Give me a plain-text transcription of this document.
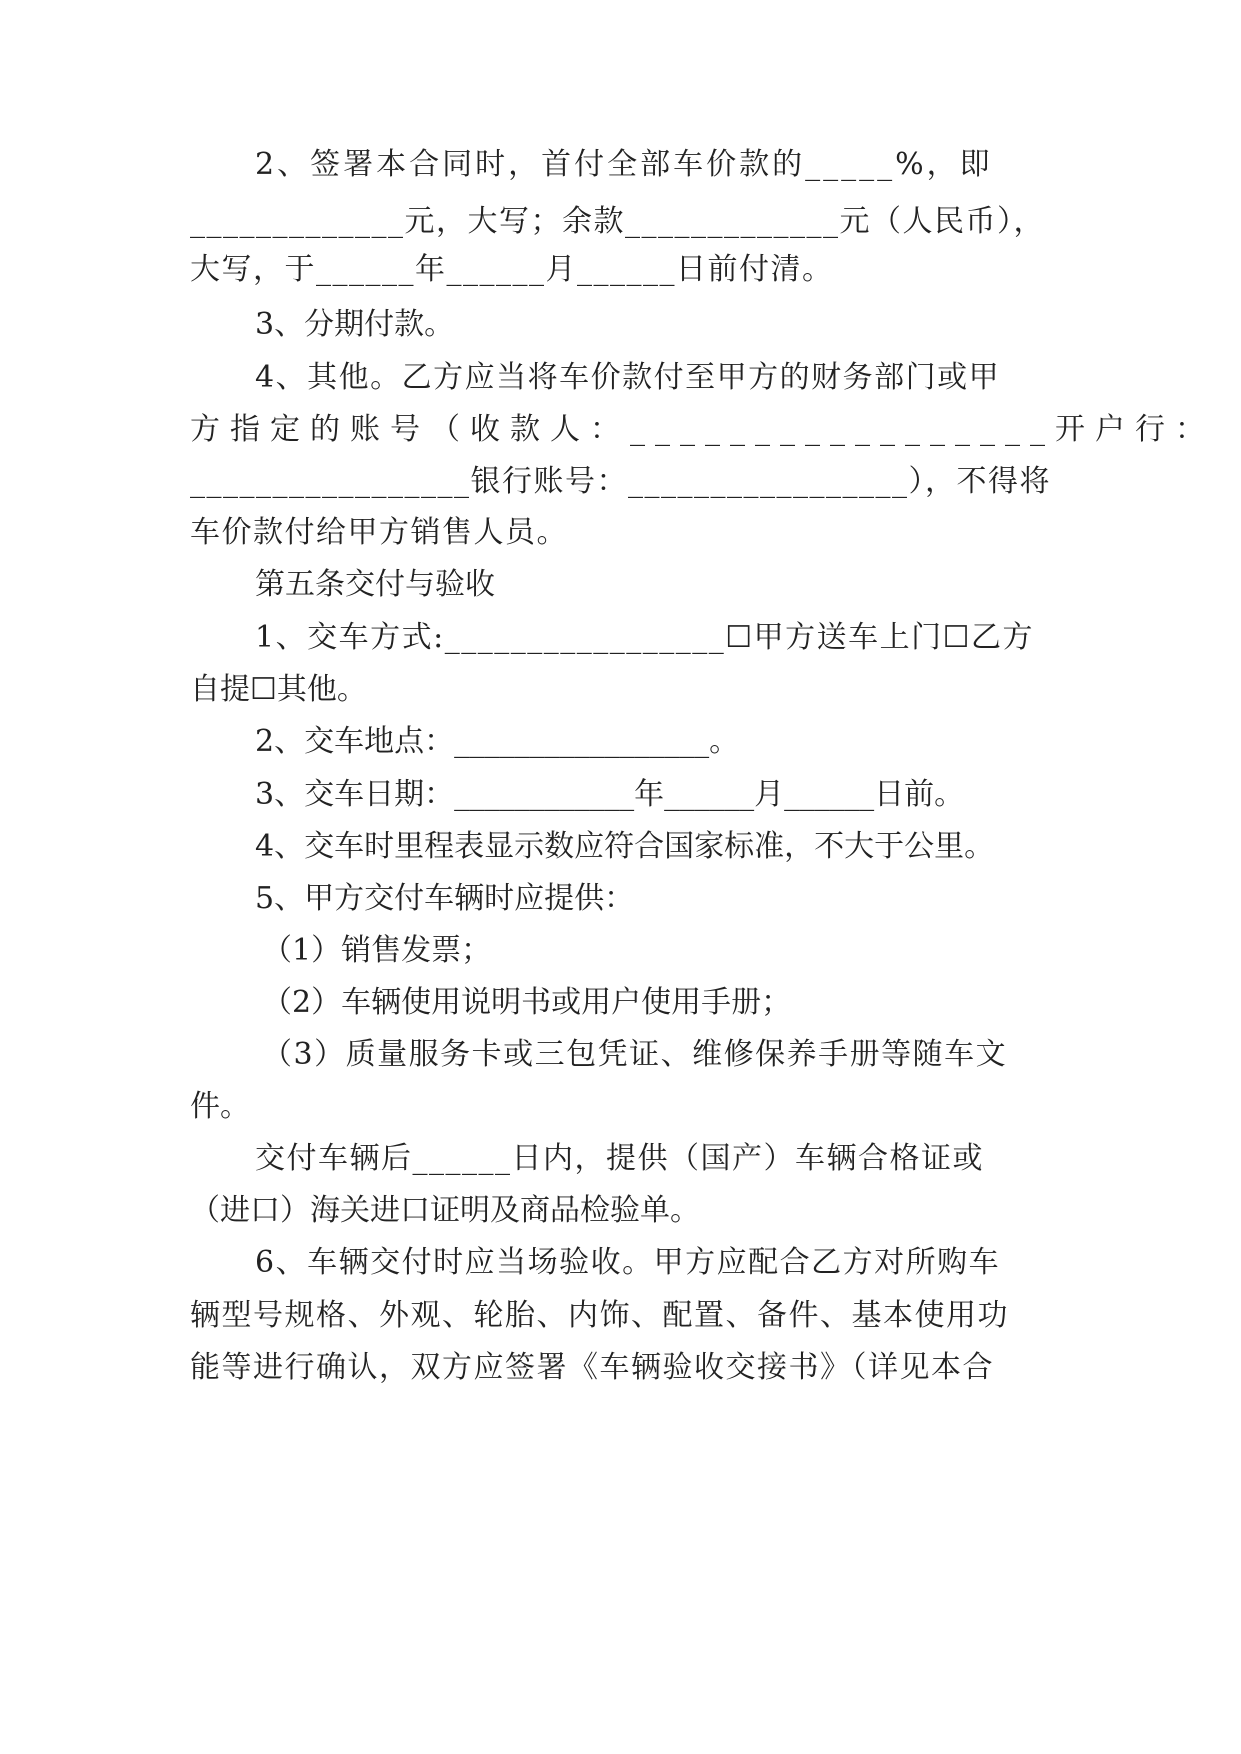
2、签署本合同时，首付全部车价款的_____%，即
_____________元，大写；余款_____________元（人民币），
大写，于______年______月______日前付清。
3、分期付款。
4、其他。乙方应当将车价款付至甲方的财务部门或甲
方指定的账号（收款人：_________________开户行：
_________________银行账号：_________________），不得将
车价款付给甲方销售人员。
第五条交付与验收
1、交车方式:_________________☐甲方送车上门☐乙方
自提☐其他。
2、交车地点：_________________。
3、交车日期：____________年______月______日前。
4、交车时里程表显示数应符合国家标准，不大于公里。
5、甲方交付车辆时应提供：
（1）销售发票；
（2）车辆使用说明书或用户使用手册；
（3）质量服务卡或三包凭证、维修保养手册等随车文
件。
交付车辆后______日内，提供（国产）车辆合格证或
（进口）海关进口证明及商品检验单。
6、车辆交付时应当场验收。甲方应配合乙方对所购车
辆型号规格、外观、轮胎、内饰、配置、备件、基本使用功
能等进行确认，双方应签署《车辆验收交接书》（详见本合
